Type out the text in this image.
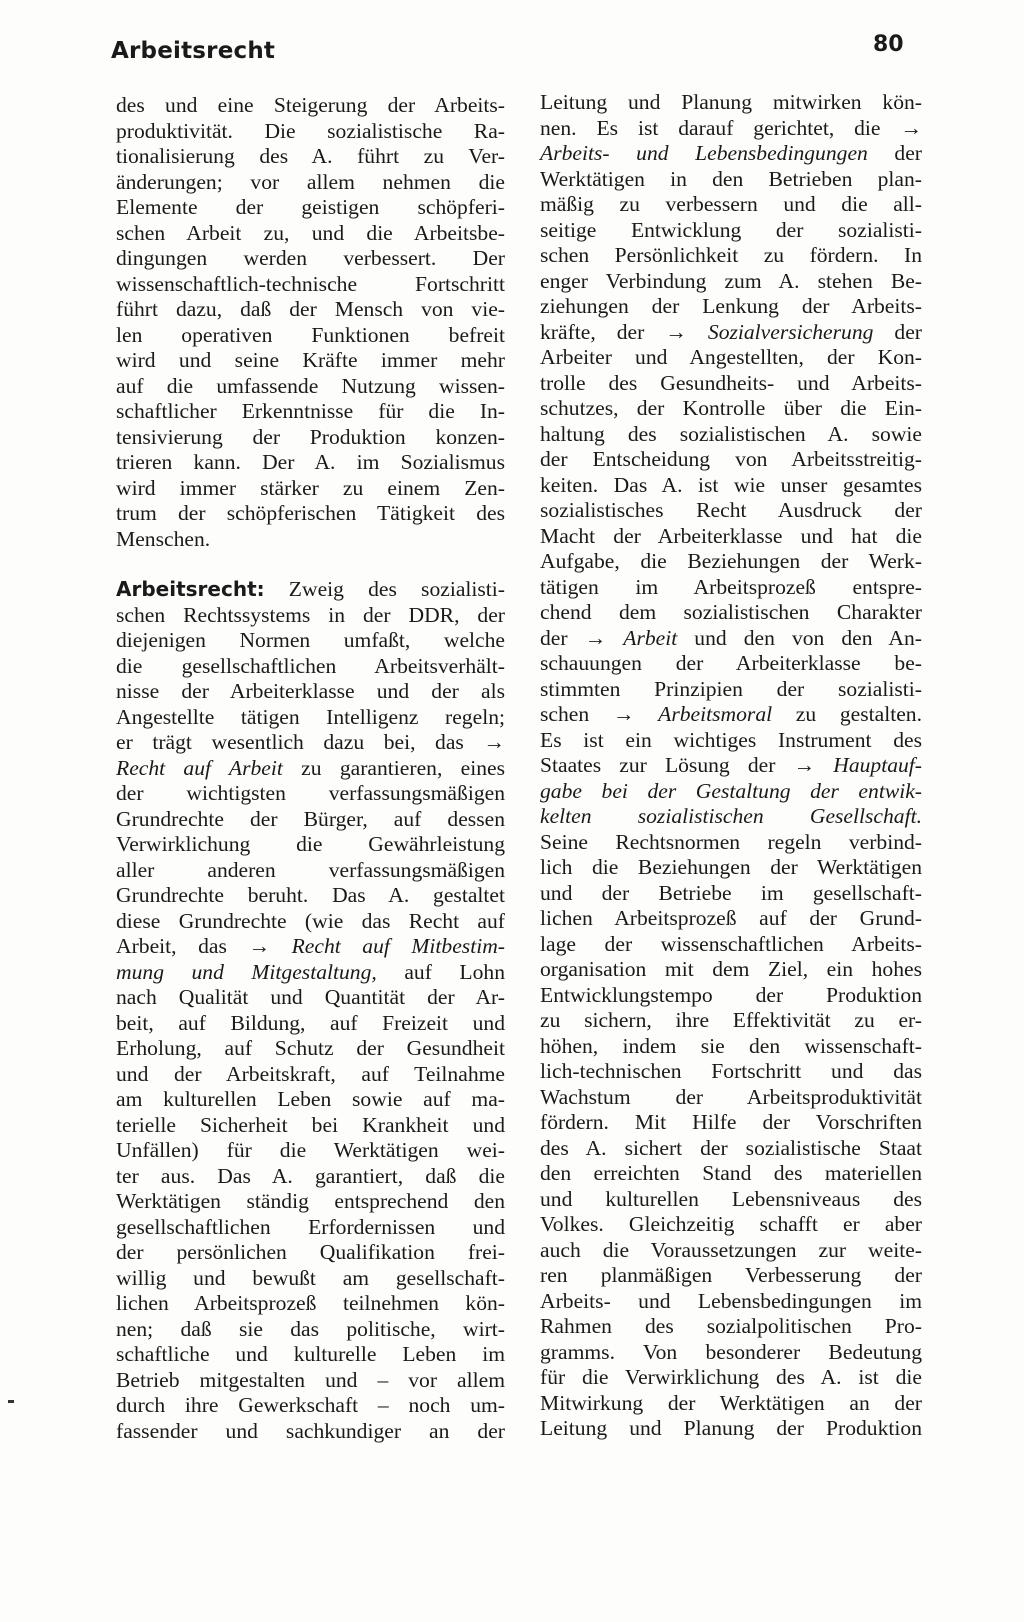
Arbeitsrecht	80
des und eine Steigerung der Arbeits-
produktivität. Die sozialistische Ra-
tionalisierung des A. führt zu Ver-
änderungen; vor allem nehmen die
Elemente der geistigen schöpferi-
schen Arbeit zu, und die Arbeitsbe-
dingungen werden verbessert. Der
wissenschaftlich-technische Fortschritt
führt dazu, daß der Mensch von vie-
len operativen Funktionen befreit
wird und seine Kräfte immer mehr
auf die umfassende Nutzung wissen-
schaftlicher Erkenntnisse für die In-
tensivierung der Produktion konzen-
trieren kann. Der A. im Sozialismus
wird immer stärker zu einem Zen-
trum der schöpferischen Tätigkeit des
Menschen.
Arbeitsrecht: Zweig des sozialisti-
schen Rechtssystems in der DDR, der
diejenigen Normen umfaßt, welche
die gesellschaftlichen Arbeitsverhält-
nisse der Arbeiterklasse und der als
Angestellte tätigen Intelligenz regeln;
er trägt wesentlich dazu bei, das →
Recht auf Arbeit zu garantieren, eines
der wichtigsten verfassungsmäßigen
Grundrechte der Bürger, auf dessen
Verwirklichung die Gewährleistung
aller anderen verfassungsmäßigen
Grundrechte beruht. Das A. gestaltet
diese Grundrechte (wie das Recht auf
Arbeit, das → Recht auf Mitbestim-
mung und Mitgestaltung, auf Lohn
nach Qualität und Quantität der Ar-
beit, auf Bildung, auf Freizeit und
Erholung, auf Schutz der Gesundheit
und der Arbeitskraft, auf Teilnahme
am kulturellen Leben sowie auf ma-
terielle Sicherheit bei Krankheit und
Unfällen) für die Werktätigen wei-
ter aus. Das A. garantiert, daß die
Werktätigen ständig entsprechend den
gesellschaftlichen Erfordernissen und
der persönlichen Qualifikation frei-
willig und bewußt am gesellschaft-
lichen Arbeitsprozeß teilnehmen kön-
nen; daß sie das politische, wirt-
schaftliche und kulturelle Leben im
Betrieb mitgestalten und – vor allem
durch ihre Gewerkschaft – noch um-
fassender und sachkundiger an der
Leitung und Planung mitwirken kön-
nen. Es ist darauf gerichtet, die →
Arbeits- und Lebensbedingungen der
Werktätigen in den Betrieben plan-
mäßig zu verbessern und die all-
seitige Entwicklung der sozialisti-
schen Persönlichkeit zu fördern. In
enger Verbindung zum A. stehen Be-
ziehungen der Lenkung der Arbeits-
kräfte, der → Sozialversicherung der
Arbeiter und Angestellten, der Kon-
trolle des Gesundheits- und Arbeits-
schutzes, der Kontrolle über die Ein-
haltung des sozialistischen A. sowie
der Entscheidung von Arbeitsstreitig-
keiten. Das A. ist wie unser gesamtes
sozialistisches Recht Ausdruck der
Macht der Arbeiterklasse und hat die
Aufgabe, die Beziehungen der Werk-
tätigen im Arbeitsprozeß entspre-
chend dem sozialistischen Charakter
der → Arbeit und den von den An-
schauungen der Arbeiterklasse be-
stimmten Prinzipien der sozialisti-
schen → Arbeitsmoral zu gestalten.
Es ist ein wichtiges Instrument des
Staates zur Lösung der → Hauptauf-
gabe bei der Gestaltung der entwik-
kelten sozialistischen Gesellschaft.
Seine Rechtsnormen regeln verbind-
lich die Beziehungen der Werktätigen
und der Betriebe im gesellschaft-
lichen Arbeitsprozeß auf der Grund-
lage der wissenschaftlichen Arbeits-
organisation mit dem Ziel, ein hohes
Entwicklungstempo der Produktion
zu sichern, ihre Effektivität zu er-
höhen, indem sie den wissenschaft-
lich-technischen Fortschritt und das
Wachstum der Arbeitsproduktivität
fördern. Mit Hilfe der Vorschriften
des A. sichert der sozialistische Staat
den erreichten Stand des materiellen
und kulturellen Lebensniveaus des
Volkes. Gleichzeitig schafft er aber
auch die Voraussetzungen zur weite-
ren planmäßigen Verbesserung der
Arbeits- und Lebensbedingungen im
Rahmen des sozialpolitischen Pro-
gramms. Von besonderer Bedeutung
für die Verwirklichung des A. ist die
Mitwirkung der Werktätigen an der
Leitung und Planung der Produktion
